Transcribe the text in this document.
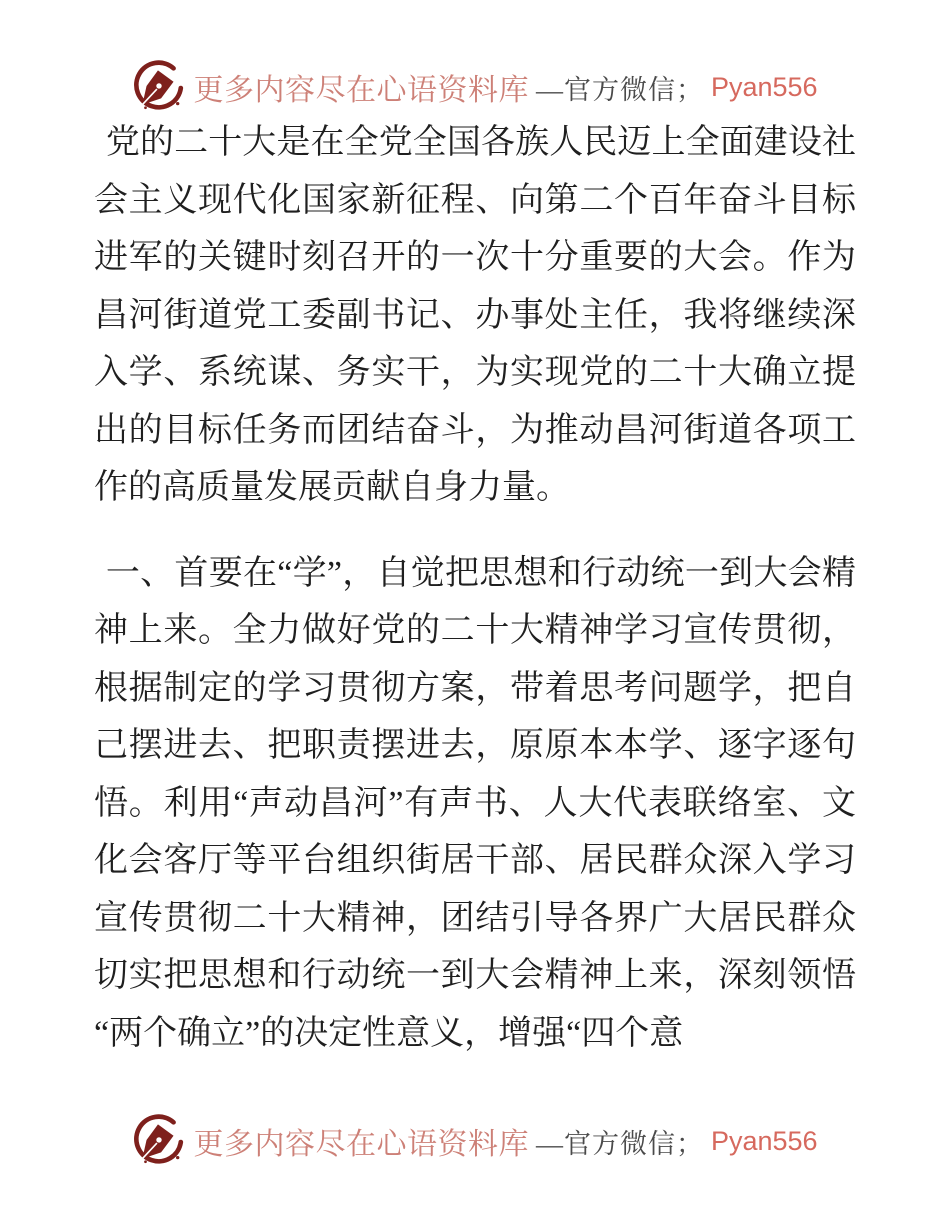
更多内容尽在心语资料库 —官方微信； Pyan556

党的二十大是在全党全国各族人民迈上全面建设社会主义现代化国家新征程、向第二个百年奋斗目标进军的关键时刻召开的一次十分重要的大会。作为昌河街道党工委副书记、办事处主任，我将继续深入学、系统谋、务实干，为实现党的二十大确立提出的目标任务而团结奋斗，为推动昌河街道各项工作的高质量发展贡献自身力量。

一、首要在“学”，自觉把思想和行动统一到大会精神上来。全力做好党的二十大精神学习宣传贯彻，根据制定的学习贯彻方案，带着思考问题学，把自己摆进去、把职责摆进去，原原本本学、逐字逐句悟。利用“声动昌河”有声书、人大代表联络室、文化会客厅等平台组织街居干部、居民群众深入学习宣传贯彻二十大精神，团结引导各界广大居民群众切实把思想和行动统一到大会精神上来，深刻领悟“两个确立”的决定性意义，增强“四个意

更多内容尽在心语资料库 —官方微信； Pyan556
